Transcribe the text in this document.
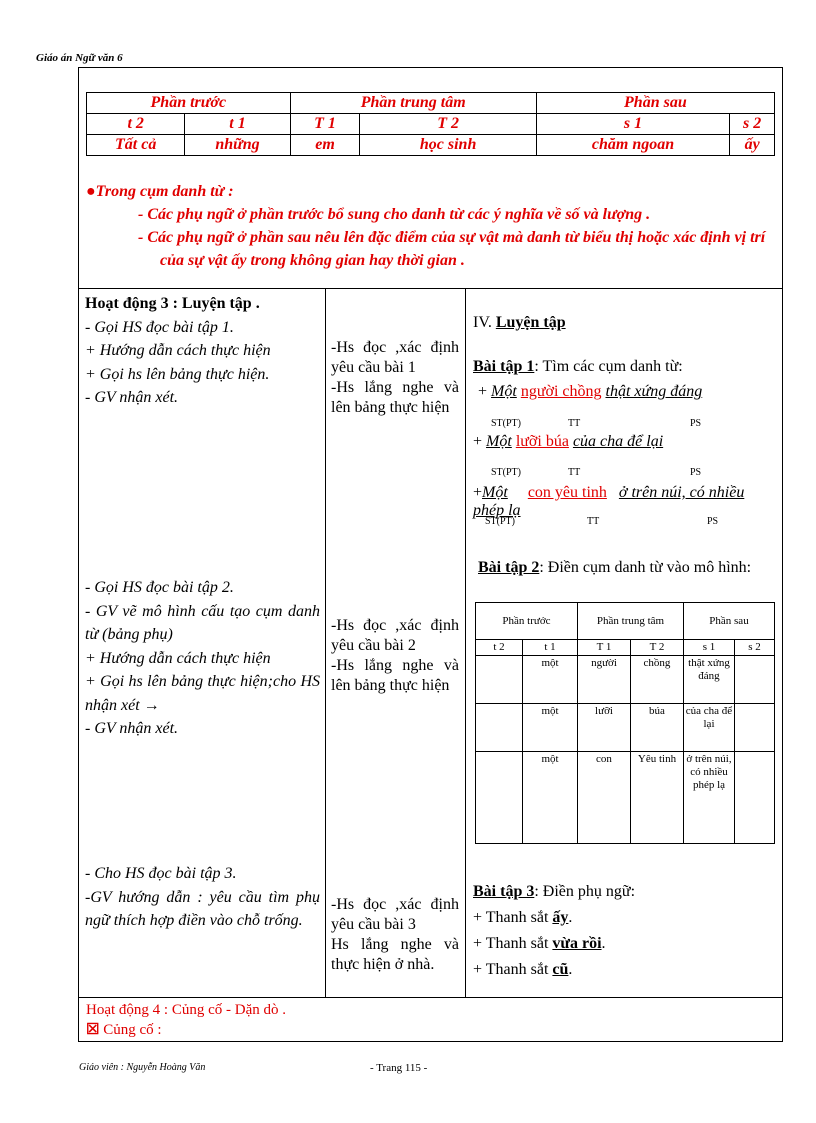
Giáo án Ngữ văn 6
Phần trước		Phần trung tâm		Phần sau	
t 2	t 1	T 1	T 2	s 1	s 2
Tất cả	những	em	học sinh	chăm ngoan	ấy
●Trong cụm danh từ :
- Các phụ ngữ ở phần trước bổ sung cho danh từ các ý nghĩa về số và lượng .
- Các phụ ngữ ở phần sau nêu lên đặc điểm của sự vật mà danh từ biểu thị hoặc xác định vị trí của sự vật ấy trong không gian hay thời gian .
Hoạt động 3 : Luyện tập .
- Gọi HS đọc bài tập 1.
+ Hướng dẫn cách thực hiện
+ Gọi hs lên bảng thực hiện.
- GV nhận xét.
- Gọi HS đọc bài tập 2.
- GV vẽ mô hình cấu tạo cụm danh từ (bảng phụ)
+ Hướng dẫn cách thực hiện
+ Gọi hs lên bảng thực hiện;cho HS nhận xét →
- GV nhận xét.
- Cho HS đọc bài tập 3.
-GV hướng dẫn : yêu cầu tìm phụ ngữ thích hợp điền vào chỗ trống.
-Hs đọc ,xác định yêu cầu bài 1
-Hs lắng nghe và lên bảng thực hiện
-Hs đọc ,xác định yêu cầu bài 2
-Hs lắng nghe và lên bảng thực hiện
-Hs đọc ,xác định yêu cầu bài 3
Hs lắng nghe và thực hiện ở nhà.
IV. Luyện tập
Bài tập 1: Tìm các cụm danh từ:
+ Một người chồng thật xứng đáng
ST(PT)	TT	PS
+ Một lưỡi búa của cha để lại
ST(PT)	TT	PS
+Một con yêu tinh ở trên núi, có nhiều phép lạ
ST(PT)	TT	PS
Bài tập 2: Điền cụm danh từ vào mô hình:
Phần trước		Phần trung tâm		Phần sau	
t 2	t 1	T 1	T 2	s 1	s 2
	một	người	chồng	thật xứng đáng	
	một	lưỡi	búa	của cha để lại	
	một	con	Yêu tinh	ở trên núi, có nhiều phép lạ	
Bài tập 3: Điền phụ ngữ:
+ Thanh sắt ấy.
+ Thanh sắt vừa rồi.
+ Thanh sắt cũ.
Hoạt động 4 : Củng cố - Dặn dò .
☒ Củng cố :
Giáo viên : Nguyễn Hoàng Văn	- Trang 115 -
